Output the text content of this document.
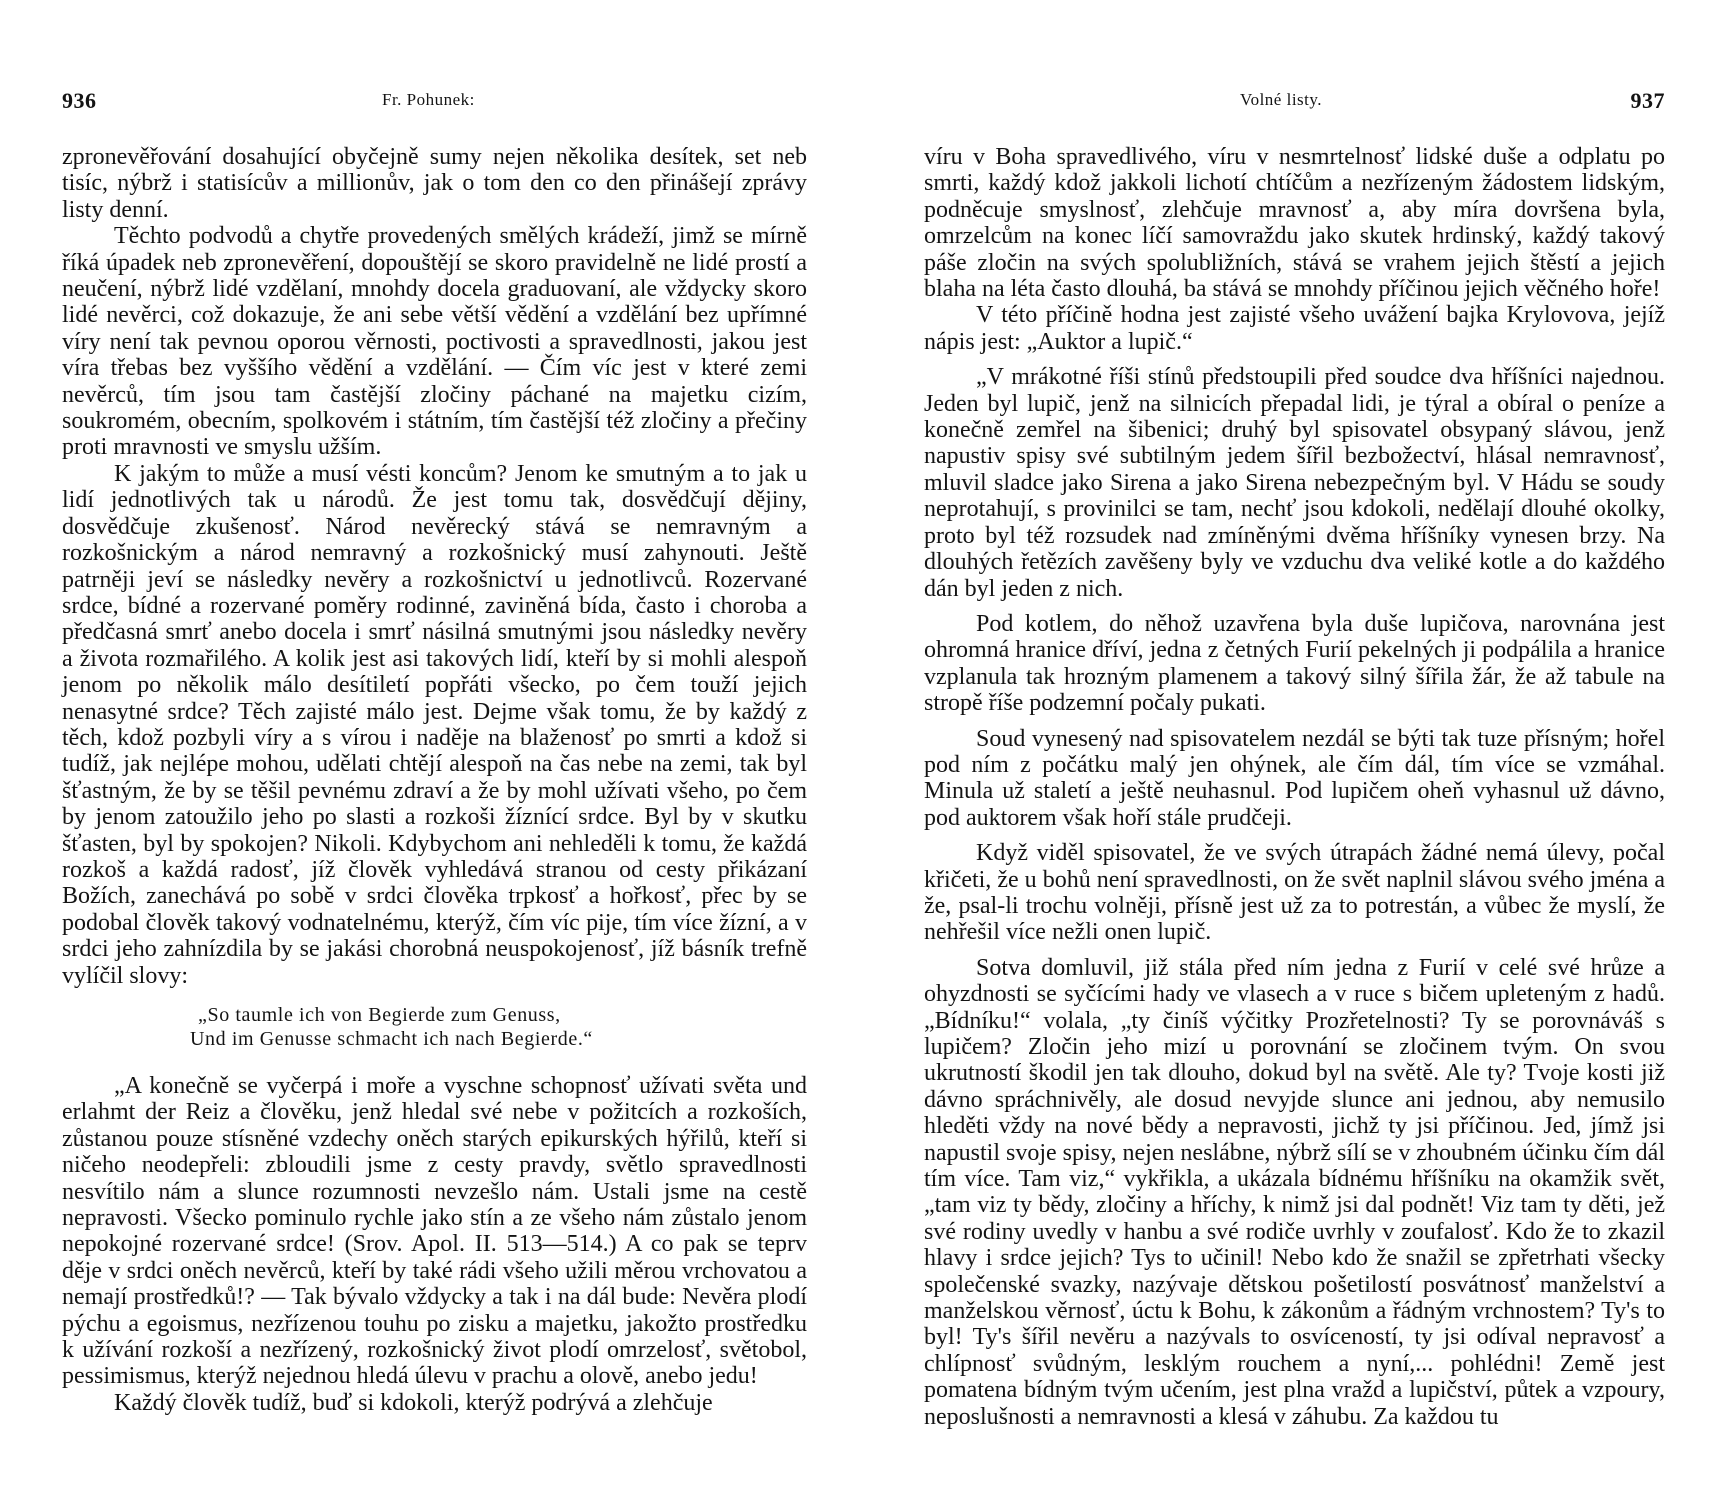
936	Fr. Pohunek:

zpronevěřování dosahující obyčejně sumy nejen několika desítek, set neb tisíc, nýbrž i statisícův a millionův, jak o tom den co den přinášejí zprávy listy denní.

Těchto podvodů a chytře provedených smělých krádeží, jimž se mírně říká úpadek neb zpronevěření, dopouštějí se skoro pravidelně ne lidé prostí a neučení, nýbrž lidé vzdělaní, mnohdy docela graduovaní, ale vždycky skoro lidé nevěrci, což dokazuje, že ani sebe větší vědění a vzdělání bez upřímné víry není tak pevnou oporou věrnosti, poctivosti a spravedlnosti, jakou jest víra třebas bez vyššího vědění a vzdělání. — Čím víc jest v které zemi nevěrců, tím jsou tam častější zločiny páchané na majetku cizím, soukromém, obecním, spolkovém i státním, tím častější též zločiny a přečiny proti mravnosti ve smyslu užším.

K jakým to může a musí vésti koncům? Jenom ke smutným a to jak u lidí jednotlivých tak u národů. Že jest tomu tak, dosvědčují dějiny, dosvědčuje zkušenosť. Národ nevěrecký stává se nemravným a rozkošnickým a národ nemravný a rozkošnický musí zahynouti. Ještě patrněji jeví se následky nevěry a rozkošnictví u jednotlivců. Rozervané srdce, bídné a rozervané poměry rodinné, zaviněná bída, často i choroba a předčasná smrť anebo docela i smrť násilná smutnými jsou následky nevěry a života rozmařilého. A kolik jest asi takových lidí, kteří by si mohli alespoň jenom po několik málo desítiletí popřáti všecko, po čem touží jejich nenasytné srdce? Těch zajisté málo jest. Dejme však tomu, že by každý z těch, kdož pozbyli víry a s vírou i naděje na blaženosť po smrti a kdož si tudíž, jak nejlépe mohou, udělati chtějí alespoň na čas nebe na zemi, tak byl šťastným, že by se těšil pevnému zdraví a že by mohl užívati všeho, po čem by jenom zatoužilo jeho po slasti a rozkoši žíznící srdce. Byl by v skutku šťasten, byl by spokojen? Nikoli. Kdybychom ani nehleděli k tomu, že každá rozkoš a každá radosť, jíž člověk vyhledává stranou od cesty přikázaní Božích, zanechává po sobě v srdci člověka trpkosť a hořkosť, přec by se podobal člověk takový vodnatelnému, kterýž, čím víc pije, tím více žízní, a v srdci jeho zahnízdila by se jakási chorobná neuspokojenosť, jíž básník trefně vylíčil slovy:

„So taumle ich von Begierde zum Genuss,
Und im Genusse schmacht ich nach Begierde.“

„A konečně se vyčerpá i moře a vyschne schopnosť užívati světa und erlahmt der Reiz a člověku, jenž hledal své nebe v požitcích a rozkoších, zůstanou pouze stísněné vzdechy oněch starých epikurských hýřilů, kteří si ničeho neodepřeli: zbloudili jsme z cesty pravdy, světlo spravedlnosti nesvítilo nám a slunce rozumnosti nevzešlo nám. Ustali jsme na cestě nepravosti. Všecko pominulo rychle jako stín a ze všeho nám zůstalo jenom nepokojné rozervané srdce! (Srov. Apol. II. 513—514.) A co pak se teprv děje v srdci oněch nevěrců, kteří by také rádi všeho užili měrou vrchovatou a nemají prostředků!? — Tak bývalo vždycky a tak i na dál bude: Nevěra plodí pýchu a egoismus, nezřízenou touhu po zisku a majetku, jakožto prostředku k užívání rozkoší a nezřízený, rozkošnický život plodí omrzelosť, světobol, pessimismus, kterýž nejednou hledá úlevu v prachu a olově, anebo jedu!

Každý člověk tudíž, buď si kdokoli, kterýž podrývá a zlehčuje

Volné listy.	937

víru v Boha spravedlivého, víru v nesmrtelnosť lidské duše a odplatu po smrti, každý kdož jakkoli lichotí chtíčům a nezřízeným žádostem lidským, podněcuje smyslnosť, zlehčuje mravnosť a, aby míra dovršena byla, omrzelcům na konec líčí samovraždu jako skutek hrdinský, každý takový páše zločin na svých spolubližních, stává se vrahem jejich štěstí a jejich blaha na léta často dlouhá, ba stává se mnohdy příčinou jejich věčného hoře!

V této příčině hodna jest zajisté všeho uvážení bajka Krylovova, jejíž nápis jest: „Auktor a lupič.“

„V mrákotné říši stínů předstoupili před soudce dva hříšníci najednou. Jeden byl lupič, jenž na silnicích přepadal lidi, je týral a obíral o peníze a konečně zemřel na šibenici; druhý byl spisovatel obsypaný slávou, jenž napustiv spisy své subtilným jedem šířil bezbožectví, hlásal nemravnosť, mluvil sladce jako Sirena a jako Sirena nebezpečným byl. V Hádu se soudy neprotahují, s provinilci se tam, nechť jsou kdokoli, nedělají dlouhé okolky, proto byl též rozsudek nad zmíněnými dvěma hříšníky vynesen brzy. Na dlouhých řetězích zavěšeny byly ve vzduchu dva veliké kotle a do každého dán byl jeden z nich.

Pod kotlem, do něhož uzavřena byla duše lupičova, narovnána jest ohromná hranice dříví, jedna z četných Furií pekelných ji podpálila a hranice vzplanula tak hrozným plamenem a takový silný šířila žár, že až tabule na stropě říše podzemní počaly pukati.

Soud vynesený nad spisovatelem nezdál se býti tak tuze přísným; hořel pod ním z počátku malý jen ohýnek, ale čím dál, tím více se vzmáhal. Minula už staletí a ještě neuhasnul. Pod lupičem oheň vyhasnul už dávno, pod auktorem však hoří stále prudčeji.

Když viděl spisovatel, že ve svých útrapách žádné nemá úlevy, počal křičeti, že u bohů není spravedlnosti, on že svět naplnil slávou svého jména a že, psal-li trochu volněji, přísně jest už za to potrestán, a vůbec že myslí, že nehřešil více nežli onen lupič.

Sotva domluvil, již stála před ním jedna z Furií v celé své hrůze a ohyzdnosti se syčícími hady ve vlasech a v ruce s bičem upleteným z hadů. „Bídníku!“ volala, „ty činíš výčitky Prozřetelnosti? Ty se porovnáváš s lupičem? Zločin jeho mizí u porovnání se zločinem tvým. On svou ukrutností škodil jen tak dlouho, dokud byl na světě. Ale ty? Tvoje kosti již dávno spráchnivěly, ale dosud nevyjde slunce ani jednou, aby nemusilo hleděti vždy na nové bědy a nepravosti, jichž ty jsi příčinou. Jed, jímž jsi napustil svoje spisy, nejen neslábne, nýbrž sílí se v zhoubném účinku čím dál tím více. Tam viz,“ vykřikla, a ukázala bídnému hříšníku na okamžik svět, „tam viz ty bědy, zločiny a hříchy, k nimž jsi dal podnět! Viz tam ty děti, jež své rodiny uvedly v hanbu a své rodiče uvrhly v zoufalosť. Kdo že to zkazil hlavy i srdce jejich? Tys to učinil! Nebo kdo že snažil se zpřetrhati všecky společenské svazky, nazývaje dětskou pošetilostí posvátnosť manželství a manželskou věrnosť, úctu k Bohu, k zákonům a řádným vrchnostem? Ty's to byl! Ty's šířil nevěru a nazývals to osvíceností, ty jsi odíval nepravosť a chlípnosť svůdným, lesklým rouchem a nyní,... pohlédni! Země jest pomatena bídným tvým učením, jest plna vražd a lupičství, půtek a vzpoury, neposlušnosti a nemravnosti a klesá v záhubu. Za každou tu
